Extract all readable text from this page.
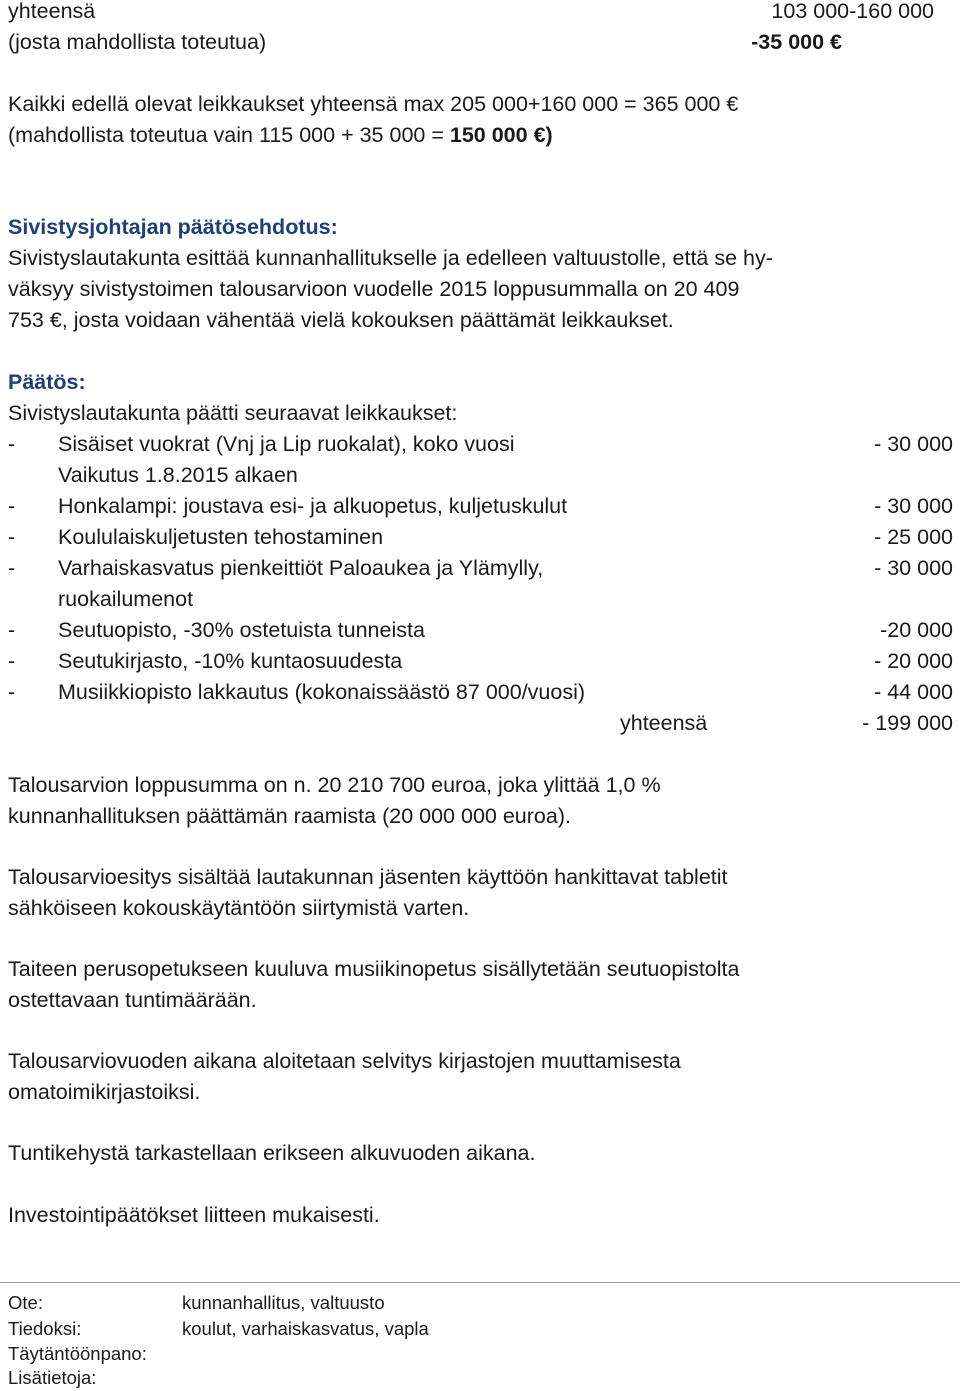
yhteensä	103 000-160 000
(josta mahdollista toteutua)	-35 000 €
Kaikki edellä olevat leikkaukset yhteensä max 205 000+160 000 = 365 000 €
(mahdollista toteutua vain 115 000 + 35 000 = 150 000 €)
Sivistysjohtajan päätösehdotus:
Sivistyslautakunta esittää kunnanhallitukselle ja edelleen valtuustolle, että se hy-
väksyy sivistystoimen talousarvioon vuodelle 2015 loppusummalla on 20 409
753 €, josta voidaan vähentää vielä kokouksen päättämät leikkaukset.
Päätös:
Sivistyslautakunta päätti seuraavat leikkaukset:
- Sisäiset vuokrat (Vnj ja Lip ruokalat), koko vuosi	- 30 000
Vaikutus 1.8.2015 alkaen
- Honkalampi: joustava esi- ja alkuopetus, kuljetuskulut	- 30 000
- Koululaiskuljetusten tehostaminen	- 25 000
- Varhaiskasvatus pienkeittiöt Paloaukea ja Ylämylly,	- 30 000
ruokailumenot
- Seutuopisto, -30% ostetuista tunneista	-20 000
- Seutukirjasto, -10% kuntaosuudesta	- 20 000
- Musiikkiopisto lakkautus (kokonaissäästö 87 000/vuosi)	- 44 000
yhteensä	- 199 000
Talousarvion loppusumma on n. 20 210 700 euroa, joka ylittää 1,0 %
kunnanhallituksen päättämän raamista (20 000 000 euroa).
Talousarvioesitys sisältää lautakunnan jäsenten käyttöön hankittavat tabletit
sähköiseen kokouskäytäntöön siirtymistä varten.
Taiteen perusopetukseen kuuluva musiikinopetus sisällytetään seutuopistolta
ostettavaan tuntimäärään.
Talousarviovuoden aikana aloitetaan selvitys kirjastojen muuttamisesta
omatoimikirjastoiksi.
Tuntikehystä tarkastellaan erikseen alkuvuoden aikana.
Investointipäätökset liitteen mukaisesti.
Ote:	kunnanhallitus, valtuusto
Tiedoksi:	koulut, varhaiskasvatus, vapla
Täytäntöönpano:
Lisätietoja:
